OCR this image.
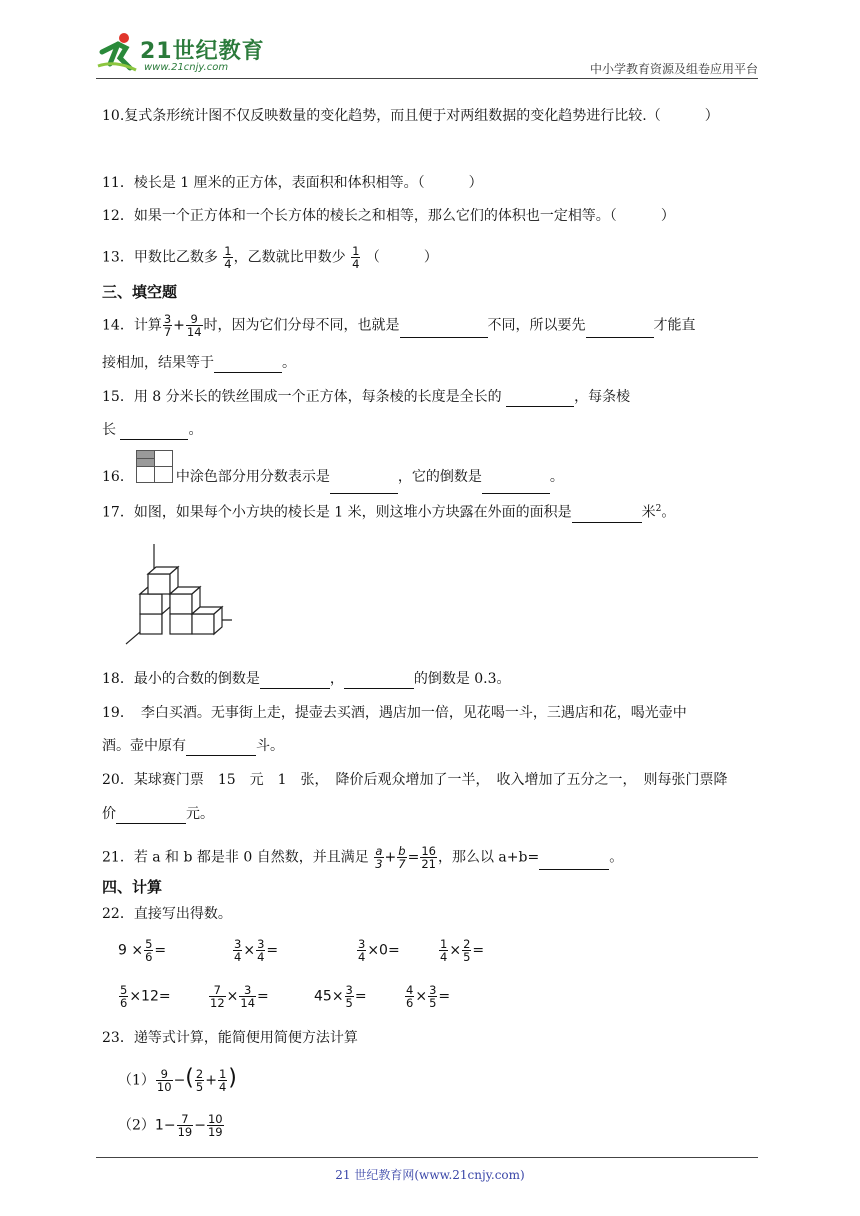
21世纪教育
www.21cnjy.com	中小学教育资源及组卷应用平台
10.复式条形统计图不仅反映数量的变化趋势，而且便于对两组数据的变化趋势进行比较.（	）
11．棱长是 1 厘米的正方体，表面积和体积相等。（	）
12．如果一个正方体和一个长方体的棱长之和相等，那么它们的体积也一定相等。（	）
13．甲数比乙数多 $\frac{1}{4}$ ，乙数就比甲数少 $\frac{1}{4}$ （	）
三、填空题
14．计算 $\frac{3}{7} + \frac{9}{14}$ 时，因为它们分母不同，也就是	不同，所以要先	才能直
接相加，结果等于	。
15．用 8 分米长的铁丝围成一个正方体，每条棱的长度是全长的	，每条棱
长	。
16．	中涂色部分用分数表示是	，它的倒数是	。
17．如图，如果每个小方块的棱长是 1 米，则这堆小方块露在外面的面积是	米$^2$。
18．最小的合数的倒数是	，	的倒数是 0.3。
19．　李白买酒。无事街上走，提壶去买酒，遇店加一倍，见花喝一斗，三遇店和花，喝光壶中
酒。壶中原有	斗。
20．某球赛门票　15　元　1　张，　降价后观众增加了一半，　收入增加了五分之一，　则每张门票降
价	元。
21．若 a 和 b 都是非 0 自然数，并且满足 $\frac{a}{3} + \frac{b}{7} = \frac{16}{21}$ ，那么以 a+b=	。
四、计算
22．直接写出得数。
$9 \times \frac{5}{6}$ =	$\frac{3}{4} \times \frac{3}{4}$ =	$\frac{3}{4} \times 0=$	$\frac{1}{4} \times \frac{2}{5}$ =
$\frac{5}{6} \times 12=$	$\frac{7}{12} \times \frac{3}{14}$ =	$45\times \frac{3}{5}$ =	$\frac{4}{6} \times \frac{3}{5}$ =
23．递等式计算，能简便用简便方法计算
$(1) \frac{9}{10}$ −( $\frac{2}{5} + \frac{1}{4}$ )
$(2)1- \frac{7}{19} - \frac{10}{19}$
21 世纪教育网(www.21cnjy.com)
